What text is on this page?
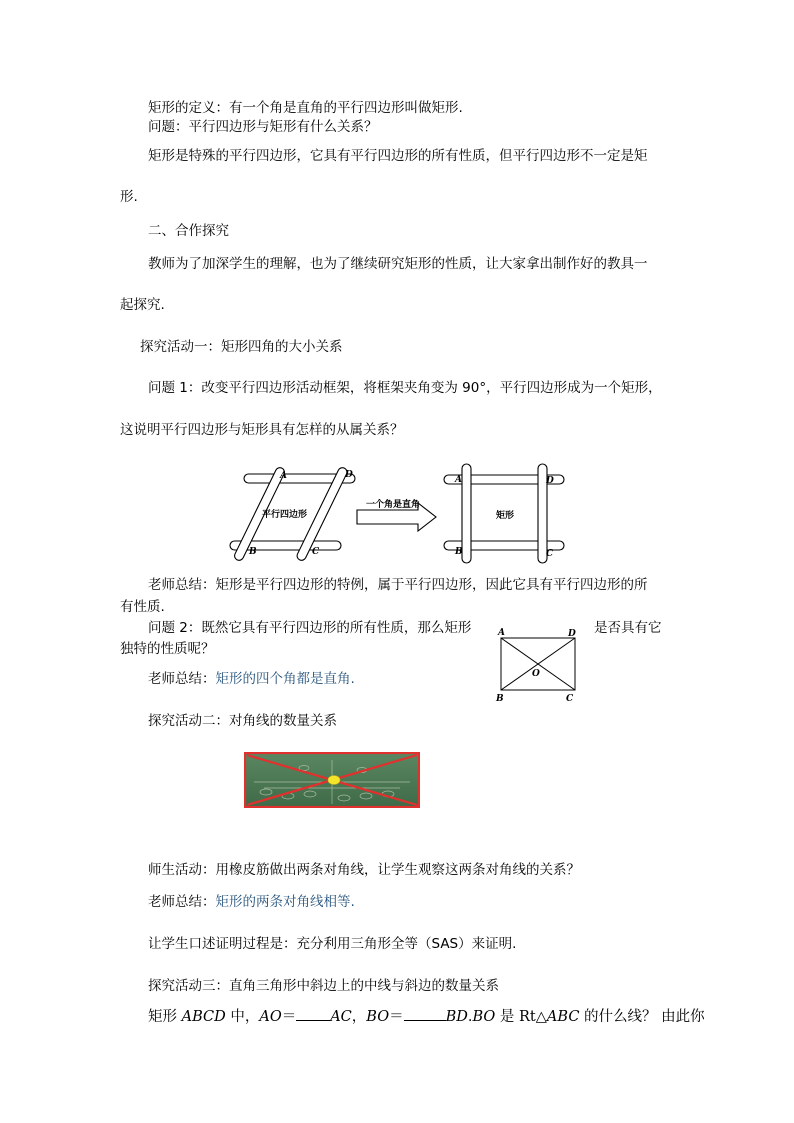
矩形的定义：有一个角是直角的平行四边形叫做矩形.
问题：平行四边形与矩形有什么关系？
矩形是特殊的平行四边形，它具有平行四边形的所有性质，但平行四边形不一定是矩
形.
二、合作探究
教师为了加深学生的理解，也为了继续研究矩形的性质，让大家拿出制作好的教具一
起探究.
探究活动一：矩形四角的大小关系
问题 1：改变平行四边形活动框架，将框架夹角变为 90°，平行四边形成为一个矩形，
这说明平行四边形与矩形具有怎样的从属关系？
A	D
B	C
A	D
B	C
平行四边形
一个角是直角
矩形
老师总结：矩形是平行四边形的特例，属于平行四边形，因此它具有平行四边形的所
有性质.
问题 2：既然它具有平行四边形的所有性质，那么矩形	是否具有它
独特的性质呢？
A	D
B	C
O
老师总结：矩形的四个角都是直角.
探究活动二：对角线的数量关系
师生活动：用橡皮筋做出两条对角线，让学生观察这两条对角线的关系？
老师总结：矩形的两条对角线相等.
让学生口述证明过程是：充分利用三角形全等（SAS）来证明.
探究活动三：直角三角形中斜边上的中线与斜边的数量关系
矩形 ABCD 中，AO＝ AC，BO＝	BD.BO 是 Rt△ABC 的什么线？ 由此你
